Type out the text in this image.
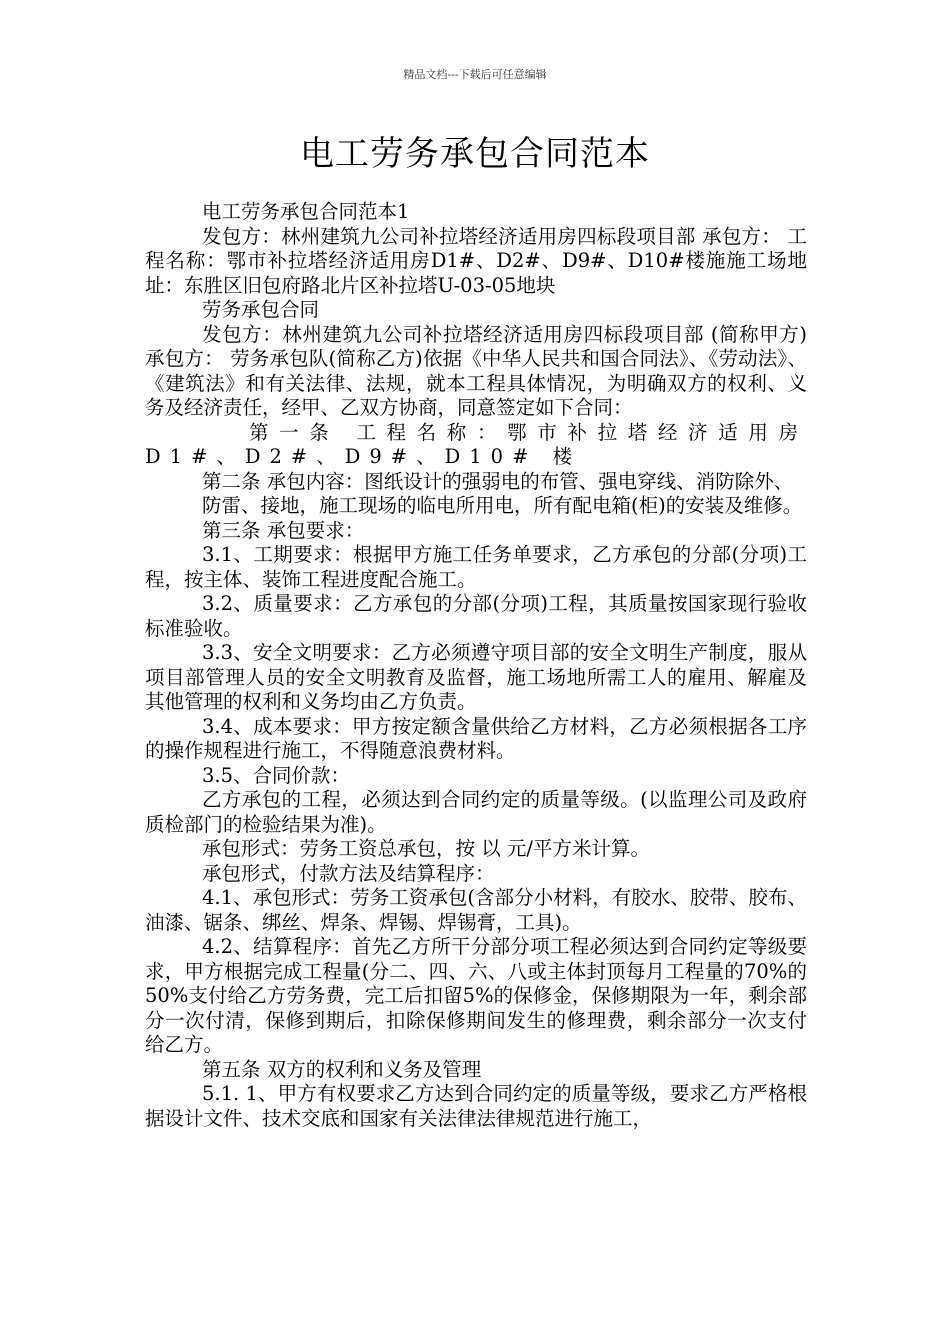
精品文档---下载后可任意编辑
电工劳务承包合同范本

电工劳务承包合同范本1

发包方：林州建筑九公司补拉塔经济适用房四标段项目部 承包方： 工程名称：鄂市补拉塔经济适用房D1#、D2#、D9#、D10#楼施施工场地址：东胜区旧包府路北片区补拉塔U-03-05地块

劳务承包合同

发包方：林州建筑九公司补拉塔经济适用房四标段项目部 (简称甲方) 承包方： 劳务承包队(简称乙方)依据《中华人民共和国合同法》、《劳动法》、《建筑法》和有关法律、法规，就本工程具体情况，为明确双方的权利、义务及经济责任，经甲、乙双方协商，同意签定如下合同：

第一条 工程名称：鄂市补拉塔经济适用房D1#、D2#、D9#、D10# 楼

第二条 承包内容：图纸设计的强弱电的布管、强电穿线、消防除外、

防雷、接地，施工现场的临电所用电，所有配电箱(柜)的安装及维修。

第三条 承包要求：

3.1、工期要求：根据甲方施工任务单要求，乙方承包的分部(分项)工程，按主体、装饰工程进度配合施工。

3.2、质量要求：乙方承包的分部(分项)工程，其质量按国家现行验收标准验收。

3.3、安全文明要求：乙方必须遵守项目部的安全文明生产制度，服从项目部管理人员的安全文明教育及监督，施工场地所需工人的雇用、解雇及其他管理的权利和义务均由乙方负责。

3.4、成本要求：甲方按定额含量供给乙方材料，乙方必须根据各工序的操作规程进行施工，不得随意浪费材料。

3.5、合同价款：

乙方承包的工程，必须达到合同约定的质量等级。(以监理公司及政府质检部门的检验结果为准)。

承包形式：劳务工资总承包，按 以 元/平方米计算。

承包形式，付款方法及结算程序：

4.1、承包形式：劳务工资承包(含部分小材料，有胶水、胶带、胶布、油漆、锯条、绑丝、焊条、焊锡、焊锡膏，工具)。

4.2、结算程序：首先乙方所干分部分项工程必须达到合同约定等级要求，甲方根据完成工程量(分二、四、六、八或主体封顶每月工程量的70%的50%支付给乙方劳务费，完工后扣留5%的保修金，保修期限为一年，剩余部分一次付清，保修到期后，扣除保修期间发生的修理费，剩余部分一次支付给乙方。

第五条 双方的权利和义务及管理

5.1. 1、甲方有权要求乙方达到合同约定的质量等级，要求乙方严格根据设计文件、技术交底和国家有关法律法律规范进行施工，
